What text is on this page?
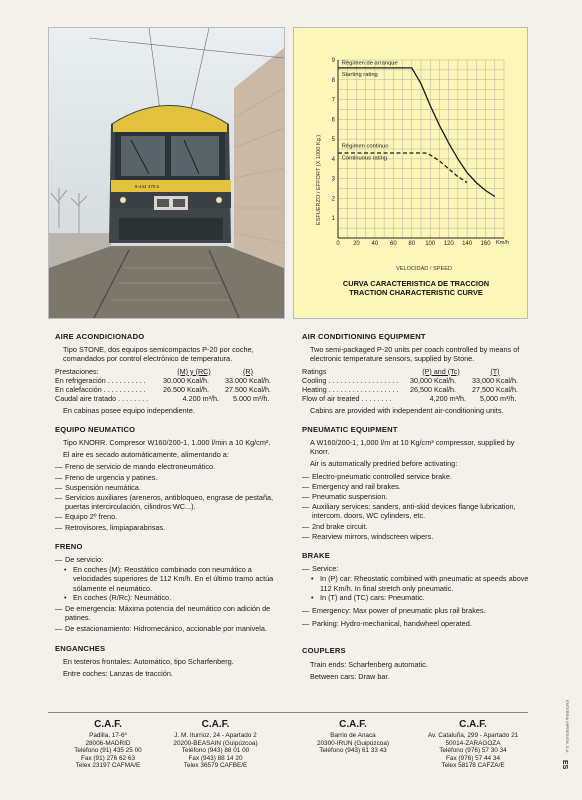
9-444 370 6
0 20 40 60 80 100 120 140 160
1
2
3
4
5
6
7
8
9 Régimen de arranque
Starting rating
Régimen continuo
Continuous rating
ESFUERZO / EFFORT (X 1000 Kg.)
VELOCIDAD / SPEED
Km/h
CURVA CARACTERISTICA DE TRACCION
TRACTION CHARACTERISTIC CURVE
AIRE ACONDICIONADO
Tipo STONE, dos equipos semicompactos P-20 por coche, comandados por control electrónico de temperatura.
Prestaciones:	(M) y (RC)	(R)
En refrigeración . . . . . . . . . .	30.000 Kcal/h.	33.000 Kcal/h.
En calefacción . . . . . . . . . . .	26.500 Kcal/h.	27.500 Kcal/h.
Caudal aire tratado . . . . . . . .	4.200 m³/h.	5.000 m³/h.
En cabinas posee equipo independiente.
EQUIPO NEUMATICO
Tipo KNORR. Compresor W160/200-1, 1.000 l/min a 10 Kg/cm².
El aire es secado automáticamente, alimentando a:
— Freno de servicio de mando electroneumático.
— Freno de urgencia y patines.
— Suspensión neumática.
— Servicios auxiliares (areneros, antibloqueo, engrase de pestaña, puertas intercirculación, cilindros WC...).
— Equipo 2º freno.
— Retrovisores, limpiaparabrisas.
FRENO
— De servicio:
• En coches (M): Reostático combinado con neumático a velocidades superiores de 112 Km/h. En el último tramo actúa sólamente el neumático.
• En coches (R/Rc): Neumático.
— De emergencia: Máxima potencia del neumático con adición de patines.
— De estacionamiento: Hidromecánico, accionable por manivela.
ENGANCHES
En testeros frontales: Automático, tipo Scharfenberg.
Entre coches: Lanzas de tracción.
AIR CONDITIONING EQUIPMENT
Two semi-packaged P-20 units per coach controlled by means of electronic temperature sensors, supplied by Stone.
Ratings	(P) and (Tc)	(T)
Cooling . . . . . . . . . . . . . . . . . .	30,000 Kcal/h.	33,000 Kcal/h.
Heating . . . . . . . . . . . . . . . . . .	26,500 Kcal/h.	27,500 Kcal/h.
Flow of air treated . . . . . . . .	4,200 m³/h.	5,000 m³/h.
Cabins are provided with independent air-conditioning units.
PNEUMATIC EQUIPMENT
A W160/200-1, 1,000 l/m at 10 Kg/cm³ compressor, supplied by Knorr.
Air is automatically predried before activating:
— Electro-pneumatic controlled service brake.
— Emergency and rail brakes.
— Pneumatic suspension.
— Auxiliary services: sanders, anti-skid devices flange lubrication, intercom. doors, WC cylinders, etc.
— 2nd brake circuit.
— Rearview mirrors, windscreen wipers.
BRAKE
— Service:
• In (P) car: Rheostatic combined with pneumatic at speeds above 112 Km/h. In final stretch only pneumatic.
• In (T) and (TC) cars: Pneumatic.
— Emergency: Max power of pneumatic plus rail brakes.
— Parking: Hydro-mechanical, handwheel operated.
COUPLERS
Train ends: Scharfenberg automatic.
Between cars: Draw bar.
C.A.F.
Padilla, 17-6º
28006-MADRID
Teléfono (91) 435 25 00
Fax (91) 276 62 63
Telex 23197 CAFMA/E
C.A.F.
J. M. Iturrioz, 24 - Apartado 2
20200-BEASAIN (Guipúzcoa)
Teléfono (943) 88 01 00
Fax (943) 88 14 20
Telex 36579 CAFBE/E
C.A.F.
Barrio de Anaca
20300-IRUN (Guipúzcoa)
Teléfono (943) 61 33 43
C.A.F.
Av. Cataluña, 299 - Apartado 21
50014-ZARAGOZA
Teléfono (976) 57 30 34
Fax (976) 57 44 34
Telex 58178 CAFZA/E
ENTERRIA IMPRESION, S.A.
ES
